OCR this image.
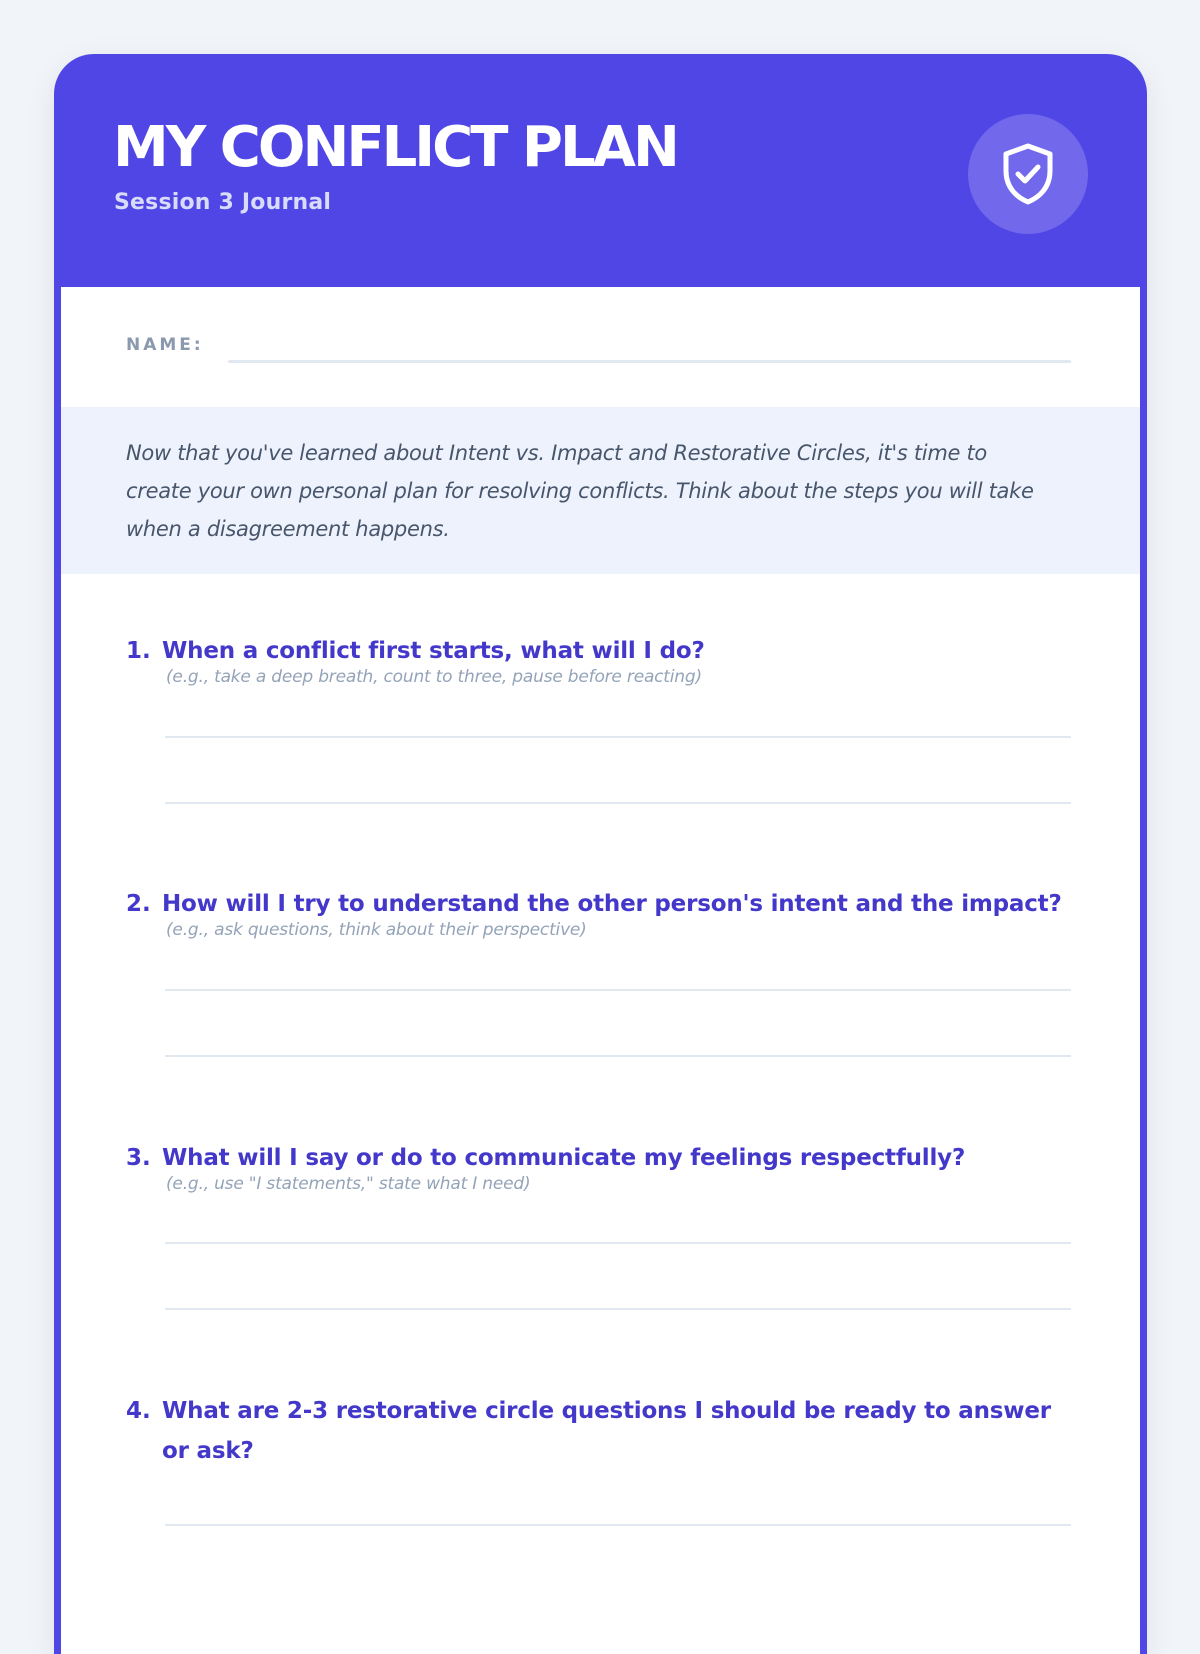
MY CONFLICT PLAN
Session 3 Journal
NAME:

Now that you've learned about Intent vs. Impact and Restorative Circles, it's time to create your own personal plan for resolving conflicts. Think about the steps you will take when a disagreement happens.

1. When a conflict first starts, what will I do?

(e.g., take a deep breath, count to three, pause before reacting)
2. How will I try to understand the other person's intent and the impact?

(e.g., ask questions, think about their perspective)
3. What will I say or do to communicate my feelings respectfully?

(e.g., use "I statements," state what I need)
4. What are 2-3 restorative circle questions I should be ready to answer or ask?
